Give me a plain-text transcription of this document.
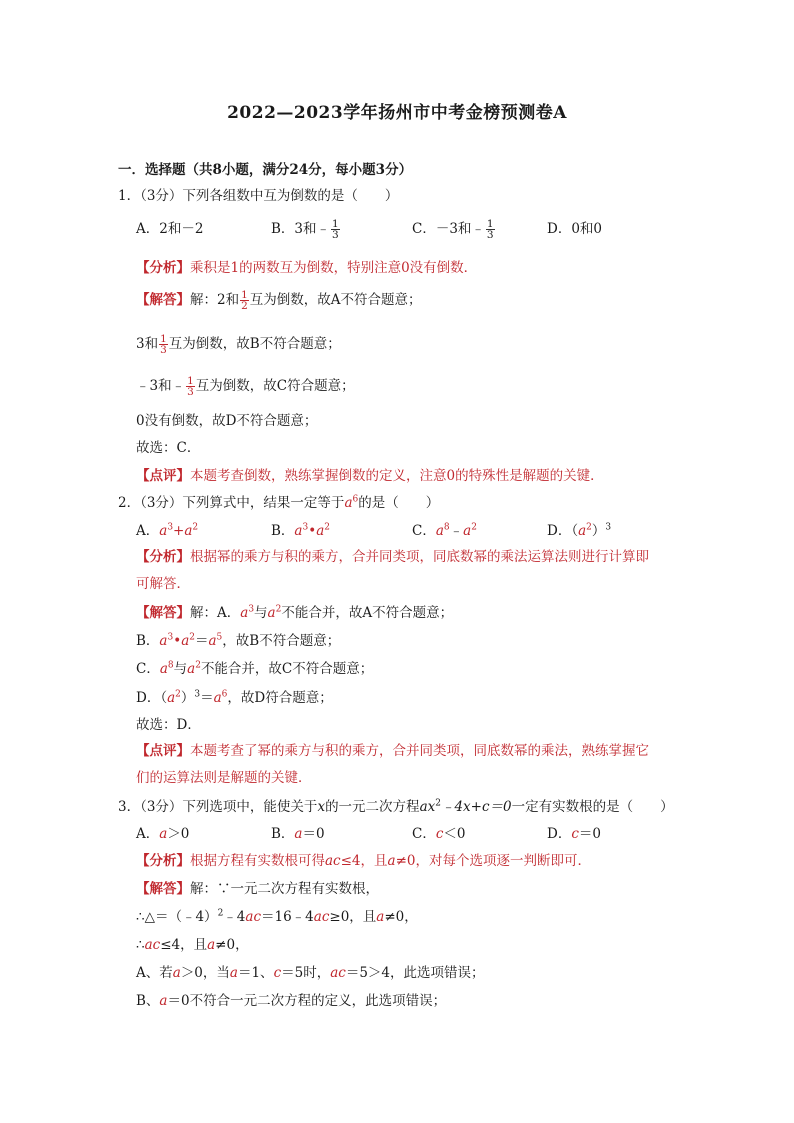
2022—2023学年扬州市中考金榜预测卷A
一．选择题（共8小题，满分24分，每小题3分）
1．（3分）下列各组数中互为倒数的是（　　）
A．2和－2	B．3和﹣ $\frac{1}{3}$	C．－3和﹣ $\frac{1}{3}$	D．0和0
【分析】乘积是1的两数互为倒数，特别注意0没有倒数．
【解答】解：2和 $\frac{1}{2}$ 互为倒数，故A不符合题意；
3和 $\frac{1}{3}$ 互为倒数，故B不符合题意；
﹣3和﹣ $\frac{1}{3}$ 互为倒数，故C符合题意；
0没有倒数，故D不符合题意；
故选：C．
【点评】本题考查倒数，熟练掌握倒数的定义，注意0的特殊性是解题的关键．
2．（3分）下列算式中，结果一定等于$a^6$的是（　　）
A．$a^3+a^2$	B．$a^3•a^2$	C．$a^8﹣a^2$	D．$(a^2)^3$
【分析】根据幂的乘方与积的乘方，合并同类项，同底数幂的乘法运算法则进行计算即
可解答．
【解答】解：A．$a^3$与$a^2$不能合并，故A不符合题意；
B．$a^3•a^2=a^5$，故B不符合题意；
C．$a^8$与$a^2$不能合并，故C不符合题意；
D．$(a^2)^3=a^6$，故D符合题意；
故选：D．
【点评】本题考查了幂的乘方与积的乘方，合并同类项，同底数幂的乘法，熟练掌握它
们的运算法则是解题的关键．
3．（3分）下列选项中，能使关于x的一元二次方程$ax^2﹣4x+c=0$一定有实数根的是（　　）
A．a＞0	B．a＝0	C．c＜0	D．c＝0
【分析】根据方程有实数根可得ac≤4，且a≠0，对每个选项逐一判断即可．
【解答】解：∵一元二次方程有实数根，
∴△＝（﹣4）$^2$﹣4ac＝16﹣4ac≥0，且a≠0，
∴ac≤4，且a≠0，
A、若a＞0，当a＝1、c＝5时，ac＝5＞4，此选项错误；
B、a＝0不符合一元二次方程的定义，此选项错误；
